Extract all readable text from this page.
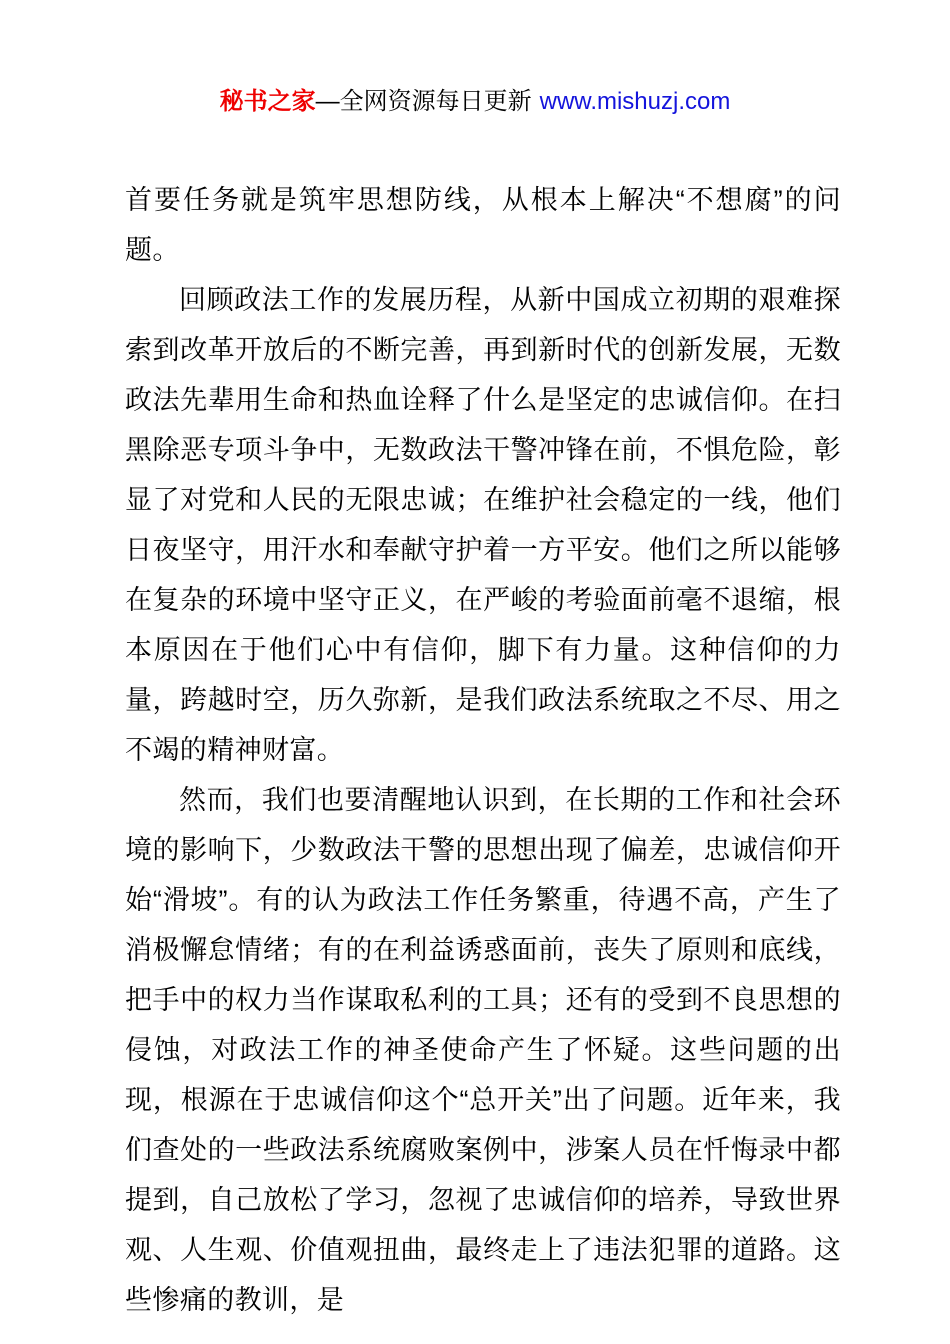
秘书之家—全网资源每日更新 www.mishuzj.com

首要任务就是筑牢思想防线，从根本上解决“不想腐”的问题。

回顾政法工作的发展历程，从新中国成立初期的艰难探索到改革开放后的不断完善，再到新时代的创新发展，无数政法先辈用生命和热血诠释了什么是坚定的忠诚信仰。在扫黑除恶专项斗争中，无数政法干警冲锋在前，不惧危险，彰显了对党和人民的无限忠诚；在维护社会稳定的一线，他们日夜坚守，用汗水和奉献守护着一方平安。他们之所以能够在复杂的环境中坚守正义，在严峻的考验面前毫不退缩，根本原因在于他们心中有信仰，脚下有力量。这种信仰的力量，跨越时空，历久弥新，是我们政法系统取之不尽、用之不竭的精神财富。

然而，我们也要清醒地认识到，在长期的工作和社会环境的影响下，少数政法干警的思想出现了偏差，忠诚信仰开始“滑坡”。有的认为政法工作任务繁重，待遇不高，产生了消极懈怠情绪；有的在利益诱惑面前，丧失了原则和底线，把手中的权力当作谋取私利的工具；还有的受到不良思想的侵蚀，对政法工作的神圣使命产生了怀疑。这些问题的出现，根源在于忠诚信仰这个“总开关”出了问题。近年来，我们查处的一些政法系统腐败案例中，涉案人员在忏悔录中都提到，自己放松了学习，忽视了忠诚信仰的培养，导致世界观、人生观、价值观扭曲，最终走上了违法犯罪的道路。这些惨痛的教训，是
